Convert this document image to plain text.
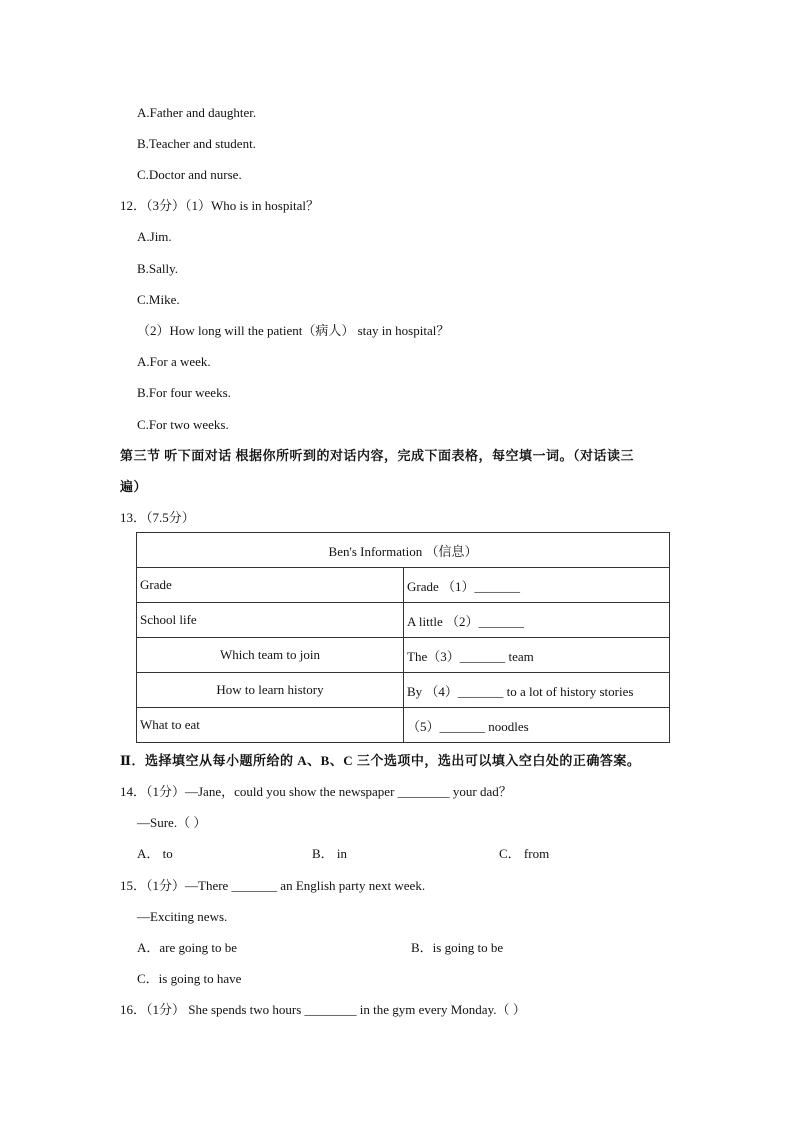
A.Father and daughter.
B.Teacher and student.
C.Doctor and nurse.
12．（3分）（1）Who is in hospital？
A.Jim.
B.Sally.
C.Mike.
（2）How long will the patient（病人） stay in hospital？
A.For a week.
B.For four weeks.
C.For two weeks.
第三节 听下面对话 根据你所听到的对话内容，完成下面表格，每空填一词。（对话读三
遍）
13．（7.5分）
Ben's Information （信息）	
Grade	Grade （1）_______
School life	A little （2）_______
Which team to join	The（3）_______ team
How to learn history	By （4）_______ to a lot of history stories
What to eat	（5）_______ noodles
Ⅱ．选择填空从每小题所给的 A、B、C 三个选项中，选出可以填入空白处的正确答案。
14．（1分）—Jane，could you show the newspaper ________ your dad？
—Sure.（ ）
A． to	B． in	C． from
15．（1分）—There _______ an English party next week.
—Exciting news.
A．are going to be	B．is going to be
C．is going to have
16．（1分） She spends two hours ________ in the gym every Monday.（ ）
